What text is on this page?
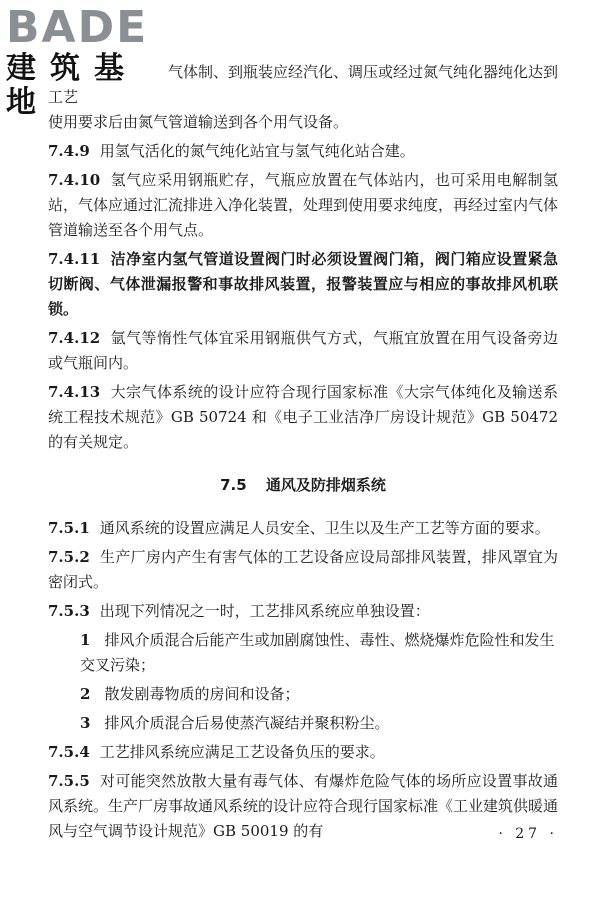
BADE
建筑基地

气体制、到瓶装应经汽化、调压或经过氮气纯化器纯化达到工艺

使用要求后由氮气管道输送到各个用气设备。

7.4.9 用氢气活化的氮气纯化站宜与氢气纯化站合建。

7.4.10 氢气应采用钢瓶贮存，气瓶应放置在气体站内，也可采用电解制氢站，气体应通过汇流排进入净化装置，处理到使用要求纯度，再经过室内气体管道输送至各个用气点。

7.4.11 洁净室内氢气管道设置阀门时必须设置阀门箱，阀门箱应设置紧急切断阀、气体泄漏报警和事故排风装置，报警装置应与相应的事故排风机联锁。

7.4.12 氩气等惰性气体宜采用钢瓶供气方式，气瓶宜放置在用气设备旁边或气瓶间内。

7.4.13 大宗气体系统的设计应符合现行国家标准《大宗气体纯化及输送系统工程技术规范》GB 50724 和《电子工业洁净厂房设计规范》GB 50472 的有关规定。

7.5 通风及防排烟系统

7.5.1 通风系统的设置应满足人员安全、卫生以及生产工艺等方面的要求。

7.5.2 生产厂房内产生有害气体的工艺设备应设局部排风装置，排风罩宜为密闭式。

7.5.3 出现下列情况之一时，工艺排风系统应单独设置：

1 排风介质混合后能产生或加剧腐蚀性、毒性、燃烧爆炸危险性和发生交叉污染；

2 散发剧毒物质的房间和设备；

3 排风介质混合后易使蒸汽凝结并聚积粉尘。

7.5.4 工艺排风系统应满足工艺设备负压的要求。

7.5.5 对可能突然放散大量有毒气体、有爆炸危险气体的场所应设置事故通风系统。生产厂房事故通风系统的设计应符合现行国家标准《工业建筑供暖通风与空气调节设计规范》GB 50019 的有	· 27 ·
